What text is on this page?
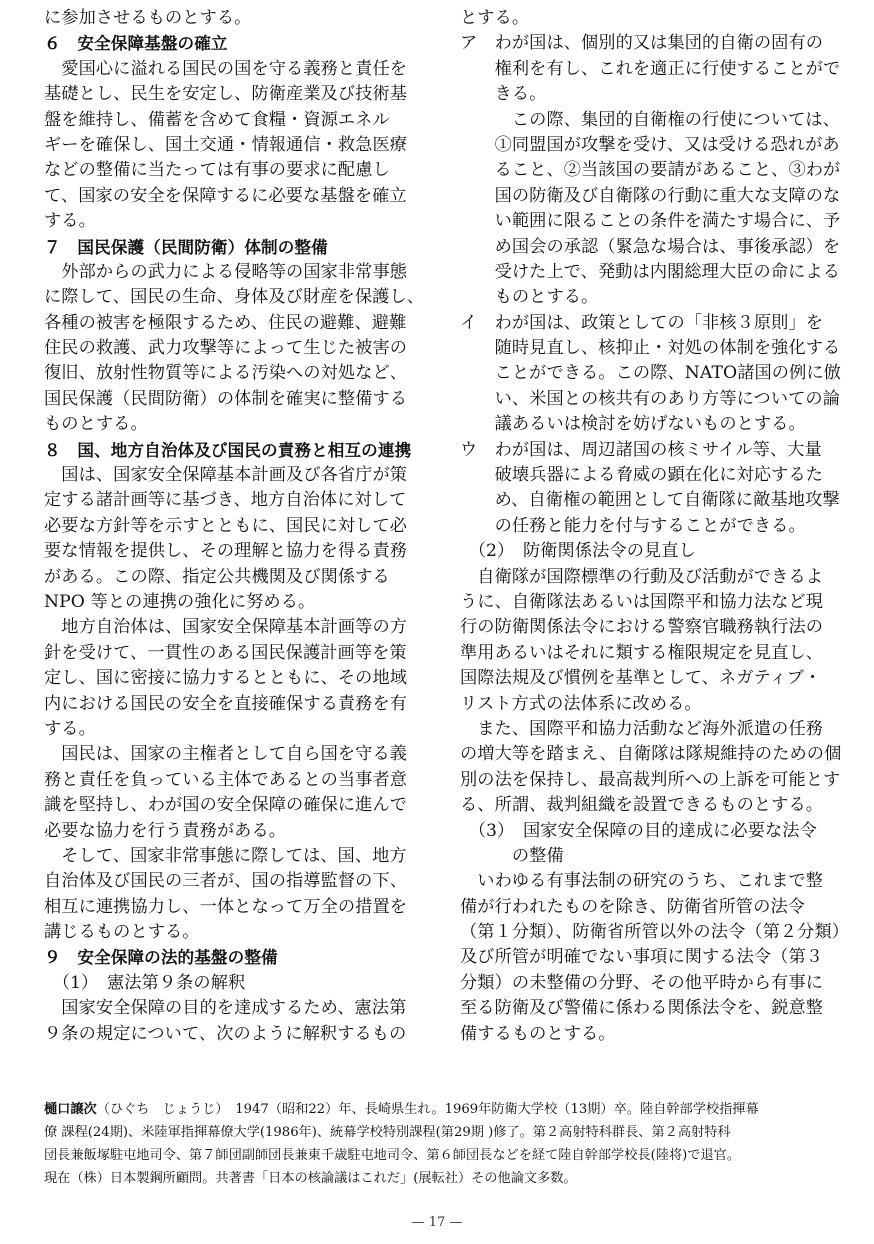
に参加させるものとする。
６　安全保障基盤の確立
　愛国心に溢れる国民の国を守る義務と責任を
基礎とし、民生を安定し、防衛産業及び技術基
盤を維持し、備蓄を含めて食糧・資源エネル
ギーを確保し、国土交通・情報通信・救急医療
などの整備に当たっては有事の要求に配慮し
て、国家の安全を保障するに必要な基盤を確立
する。
７　国民保護（民間防衛）体制の整備
　外部からの武力による侵略等の国家非常事態
に際して、国民の生命、身体及び財産を保護し、
各種の被害を極限するため、住民の避難、避難
住民の救護、武力攻撃等によって生じた被害の
復旧、放射性物質等による汚染への対処など、
国民保護（民間防衛）の体制を確実に整備する
ものとする。
８　国、地方自治体及び国民の責務と相互の連携
　国は、国家安全保障基本計画及び各省庁が策
定する諸計画等に基づき、地方自治体に対して
必要な方針等を示すとともに、国民に対して必
要な情報を提供し、その理解と協力を得る責務
がある。この際、指定公共機関及び関係する
NPO 等との連携の強化に努める。
　地方自治体は、国家安全保障基本計画等の方
針を受けて、一貫性のある国民保護計画等を策
定し、国に密接に協力するとともに、その地域
内における国民の安全を直接確保する責務を有
する。
　国民は、国家の主権者として自ら国を守る義
務と責任を負っている主体であるとの当事者意
識を堅持し、わが国の安全保障の確保に進んで
必要な協力を行う責務がある。
　そして、国家非常事態に際しては、国、地方
自治体及び国民の三者が、国の指導監督の下、
相互に連携協力し、一体となって万全の措置を
講じるものとする。
９　安全保障の法的基盤の整備
　（1）　憲法第９条の解釈
　国家安全保障の目的を達成するため、憲法第
９条の規定について、次のように解釈するもの
とする。
ア　わが国は、個別的又は集団的自衛の固有の
　　権利を有し、これを適正に行使することがで
　　きる。
　　　この際、集団的自衛権の行使については、
　　①同盟国が攻撃を受け、又は受ける恐れがあ
　　ること、②当該国の要請があること、③わが
　　国の防衛及び自衛隊の行動に重大な支障のな
　　い範囲に限ることの条件を満たす場合に、予
　　め国会の承認（緊急な場合は、事後承認）を
　　受けた上で、発動は内閣総理大臣の命による
　　ものとする。
イ　わが国は、政策としての「非核３原則」を
　　随時見直し、核抑止・対処の体制を強化する
　　ことができる。この際、NATO諸国の例に倣
　　い、米国との核共有のあり方等についての論
　　議あるいは検討を妨げないものとする。
ウ　わが国は、周辺諸国の核ミサイル等、大量
　　破壊兵器による脅威の顕在化に対応するた
　　め、自衛権の範囲として自衛隊に敵基地攻撃
　　の任務と能力を付与することができる。
　（2）　防衛関係法令の見直し
　自衛隊が国際標準の行動及び活動ができるよ
うに、自衛隊法あるいは国際平和協力法など現
行の防衛関係法令における警察官職務執行法の
準用あるいはそれに類する権限規定を見直し、
国際法規及び慣例を基準として、ネガティブ・
リスト方式の法体系に改める。
　また、国際平和協力活動など海外派遣の任務
の増大等を踏まえ、自衛隊は隊規維持のための個
別の法を保持し、最高裁判所への上訴を可能とす
る、所謂、裁判組織を設置できるものとする。
　（3）　国家安全保障の目的達成に必要な法令
　　　の整備
　いわゆる有事法制の研究のうち、これまで整
備が行われたものを除き、防衛省所管の法令
（第１分類）、防衛省所管以外の法令（第２分類）
及び所管が明確でない事項に関する法令（第３
分類）の未整備の分野、その他平時から有事に
至る防衛及び警備に係わる関係法令を、鋭意整
備するものとする。
樋口譲次（ひぐち　じょうじ）　1947（昭和22）年、長崎県生れ。1969年防衛大学校（13期）卒。陸自幹部学校指揮幕
僚 課程(24期)、米陸軍指揮幕僚大学(1986年)、統幕学校特別課程(第29期 )修了。第２高射特科群長、第２高射特科
団長兼飯塚駐屯地司令、第７師団副師団長兼東千歳駐屯地司令、第６師団長などを経て陸自幹部学校長(陸将)で退官。
現在（株）日本製鋼所顧問。共著書「日本の核論議はこれだ」(展転社）その他論文多数。
— 17 —
